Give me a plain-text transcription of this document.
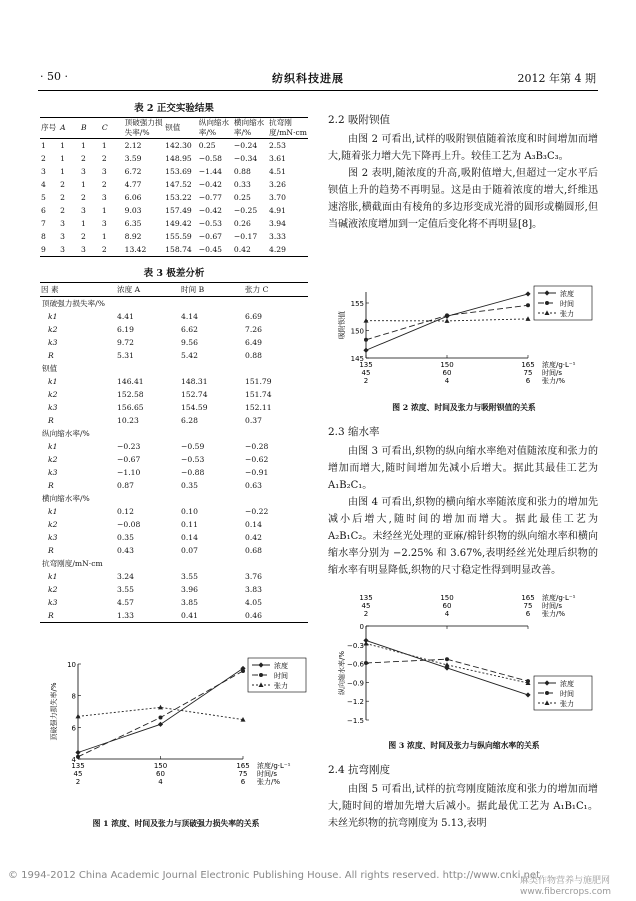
· 50 ·	纺织科技进展	2012 年第 4 期
表 2 正交实验结果
序号	A	B	C	顶破强力损失率/%	钡值	纵向缩水率/%	横向缩水率/%	抗弯刚度/mN·cm
1	1	1	1	2.12	142.30	0.25	−0.24	2.53
2	1	2	2	3.59	148.95	−0.58	−0.34	3.61
3	1	3	3	6.72	153.69	−1.44	0.88	4.51
4	2	1	2	4.77	147.52	−0.42	0.33	3.26
5	2	2	3	6.06	153.22	−0.77	0.25	3.70
6	2	3	1	9.03	157.49	−0.42	−0.25	4.91
7	3	1	3	6.35	149.42	−0.53	0.26	3.94
8	3	2	1	8.92	155.59	−0.67	−0.17	3.33
9	3	3	2	13.42	158.74	−0.45	0.42	4.29
表 3 极差分析
因 素	浓度 A	时间 B	张力 C
顶破强力损失率/%			
k1	4.41	4.14	6.69
k2	6.19	6.62	7.26
k3	9.72	9.56	6.49
R	5.31	5.42	0.88
钡值			
k1	146.41	148.31	151.79
k2	152.58	152.74	151.74
k3	156.65	154.59	152.11
R	10.23	6.28	0.37
纵向缩水率/%			
k1	−0.23	−0.59	−0.28
k2	−0.67	−0.53	−0.62
k3	−1.10	−0.88	−0.91
R	0.87	0.35	0.63
横向缩水率/%			
k1	0.12	0.10	−0.22
k2	−0.08	0.11	0.14
k3	0.35	0.14	0.42
R	0.43	0.07	0.68
抗弯刚度/mN·cm			
k1	3.24	3.55	3.76
k2	3.55	3.96	3.83
k3	4.57	3.85	4.05
R	1.33	0.41	0.46
4
6
8
10
顶破强力损失率/%
135
45
2
150
60
4
165
75
6
浓度/g·L⁻¹
时间/s
张力/%
浓度
时间
张力
图 1 浓度、时间及张力与顶破强力损失率的关系
2.2 吸附钡值

由图 2 可看出,试样的吸附钡值随着浓度和时间增加而增大,随着张力增大先下降再上升。较佳工艺为 A₃B₃C₃。

图 2 表明,随浓度的升高,吸附值增大,但超过一定水平后钡值上升的趋势不再明显。这是由于随着浓度的增大,纤维迅速溶胀,横截面由有棱角的多边形变成光滑的圆形或椭圆形,但当碱液浓度增加到一定值后变化将不再明显[8]。

145
150
155
吸附钡值
135
45
2
150
60
4
165
75
6
浓度/g·L⁻¹
时间/s
张力/%
浓度
时间
张力
图 2 浓度、时间及张力与吸附钡值的关系
2.3 缩水率

由图 3 可看出,织物的纵向缩水率绝对值随浓度和张力的增加而增大,随时间增加先减小后增大。据此其最佳工艺为 A₁B₂C₁。

由图 4 可看出,织物的横向缩水率随浓度和张力的增加先减小后增大,随时间的增加而增大。据此最佳工艺为 A₂B₁C₂。未经丝光处理的亚麻/棉针织物的纵向缩水率和横向缩水率分别为 −2.25% 和 3.67%,表明经丝光处理后织物的缩水率有明显降低,织物的尺寸稳定性得到明显改善。

0
−0.3
−0.6
−0.9
−1.2
−1.5
纵向缩水率/%
135
45
2
150
60
4
165
75
6
浓度/g·L⁻¹
时间/s
张力/%
浓度
时间
张力
图 3 浓度、时间及张力与纵向缩水率的关系
2.4 抗弯刚度

由图 5 可看出,试样的抗弯刚度随浓度和张力的增加而增大,随时间的增加先增大后减小。据此最优工艺为 A₁B₁C₁。未丝光织物的抗弯刚度为 5.13,表明

© 1994-2012 China Academic Journal Electronic Publishing House. All rights reserved. http://www.cnki.net
麻类作物营养与施肥网
www.fibercrops.com
